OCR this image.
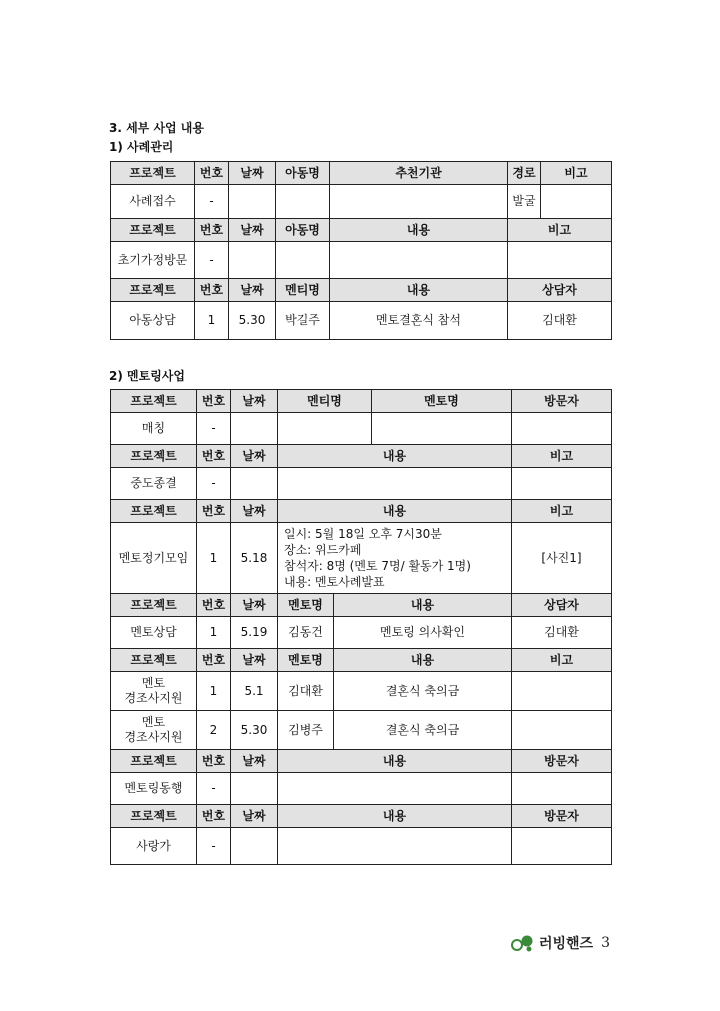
3. 세부 사업 내용
1) 사례관리
프로젝트	번호	날짜	아동명	추천기관	경로	비고
사례접수	-				발굴	
프로젝트	번호	날짜	아동명	내용	비고	
초기가정방문	-					
프로젝트	번호	날짜	멘티명	내용	상담자	
아동상담	1	5.30	박길주	멘토결혼식 참석	김대환	
2) 멘토링사업
프로젝트	번호	날짜	멘티명		멘토명	방문자
매칭	-					
프로젝트	번호	날짜	내용			비고
중도종결	-					
프로젝트	번호	날짜	내용			비고
멘토정기모임	1	5.18	일시: 5월 18일 오후 7시30분
장소: 위드카페
참석자: 8명 (멘토 7명/ 활동가 1명)
내용: 멘토사례발표			[사진1]
프로젝트	번호	날짜	멘토명	내용		상담자
멘토상담	1	5.19	김동건	멘토링 의사확인		김대환
프로젝트	번호	날짜	멘토명	내용		비고

멘토
경조사지원	1	5.1	김대환	결혼식 축의금		

멘토
경조사지원	2	5.30	김병주	결혼식 축의금		
프로젝트	번호	날짜	내용			방문자
멘토링동행	-					
프로젝트	번호	날짜	내용			방문자
사랑가	-					
러빙핸즈 3
